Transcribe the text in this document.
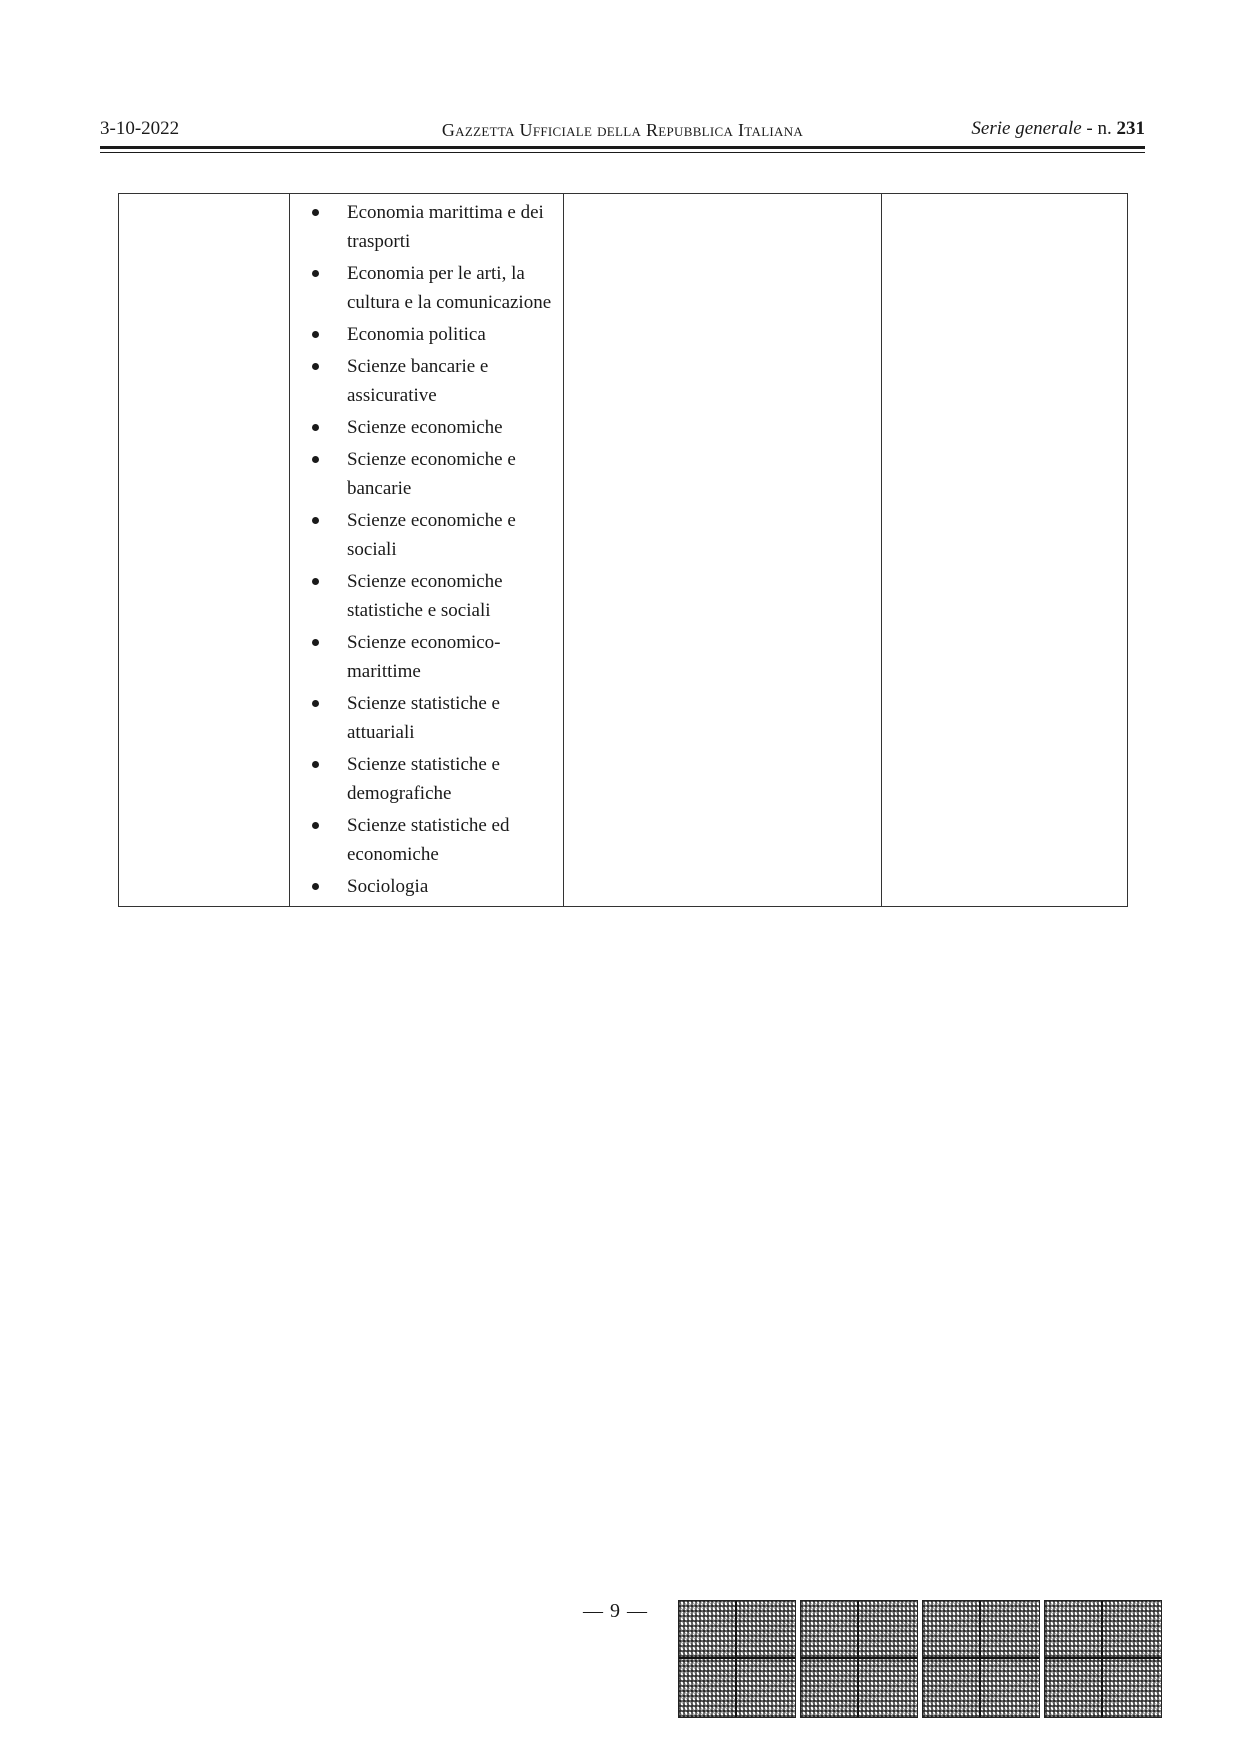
3-10-2022	Gazzetta Ufficiale della Repubblica Italiana	Serie generale - n. 231

Economia marittima e dei trasporti
Economia per le arti, la cultura e la comunicazione
Economia politica
Scienze bancarie e assicurative
Scienze economiche
Scienze economiche e bancarie
Scienze economiche e sociali
Scienze economiche statistiche e sociali
Scienze economico-marittime
Scienze statistiche e attuariali
Scienze statistiche e demografiche
Scienze statistiche ed economiche
Sociologia

— 9 —
